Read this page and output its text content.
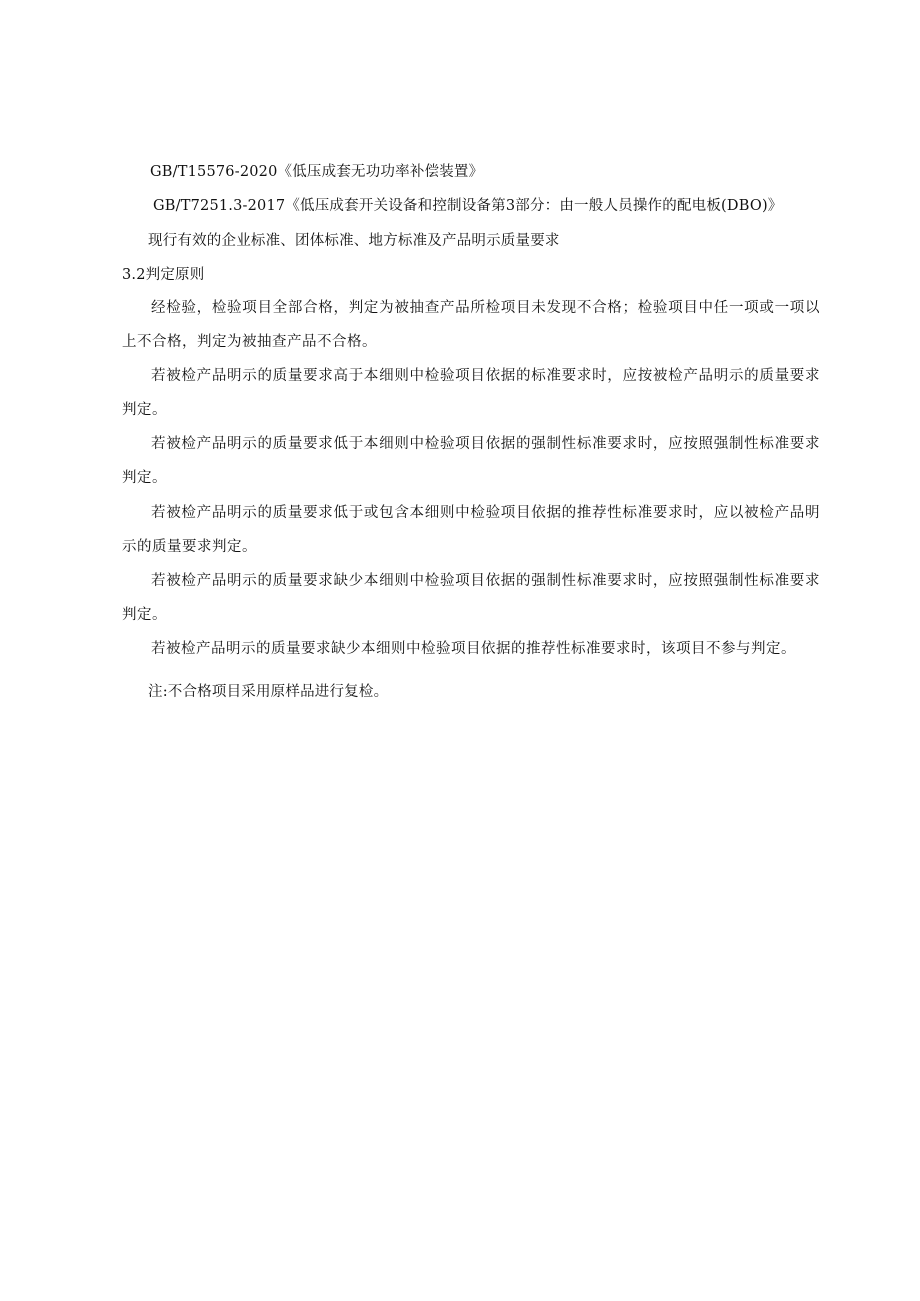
GB/T15576-2020《低压成套无功功率补偿装置》
GB/T7251.3-2017《低压成套开关设备和控制设备第3部分：由一般人员操作的配电板(DBO)》
现行有效的企业标准、团体标准、地方标准及产品明示质量要求
3.2判定原则
经检验，检验项目全部合格，判定为被抽查产品所检项目未发现不合格；检验项目中任一项或一项以上不合格，判定为被抽查产品不合格。
若被检产品明示的质量要求高于本细则中检验项目依据的标准要求时，应按被检产品明示的质量要求判定。
若被检产品明示的质量要求低于本细则中检验项目依据的强制性标准要求时，应按照强制性标准要求判定。
若被检产品明示的质量要求低于或包含本细则中检验项目依据的推荐性标准要求时，应以被检产品明示的质量要求判定。
若被检产品明示的质量要求缺少本细则中检验项目依据的强制性标准要求时，应按照强制性标准要求判定。
若被检产品明示的质量要求缺少本细则中检验项目依据的推荐性标准要求时，该项目不参与判定。
注:不合格项目采用原样品进行复检。
